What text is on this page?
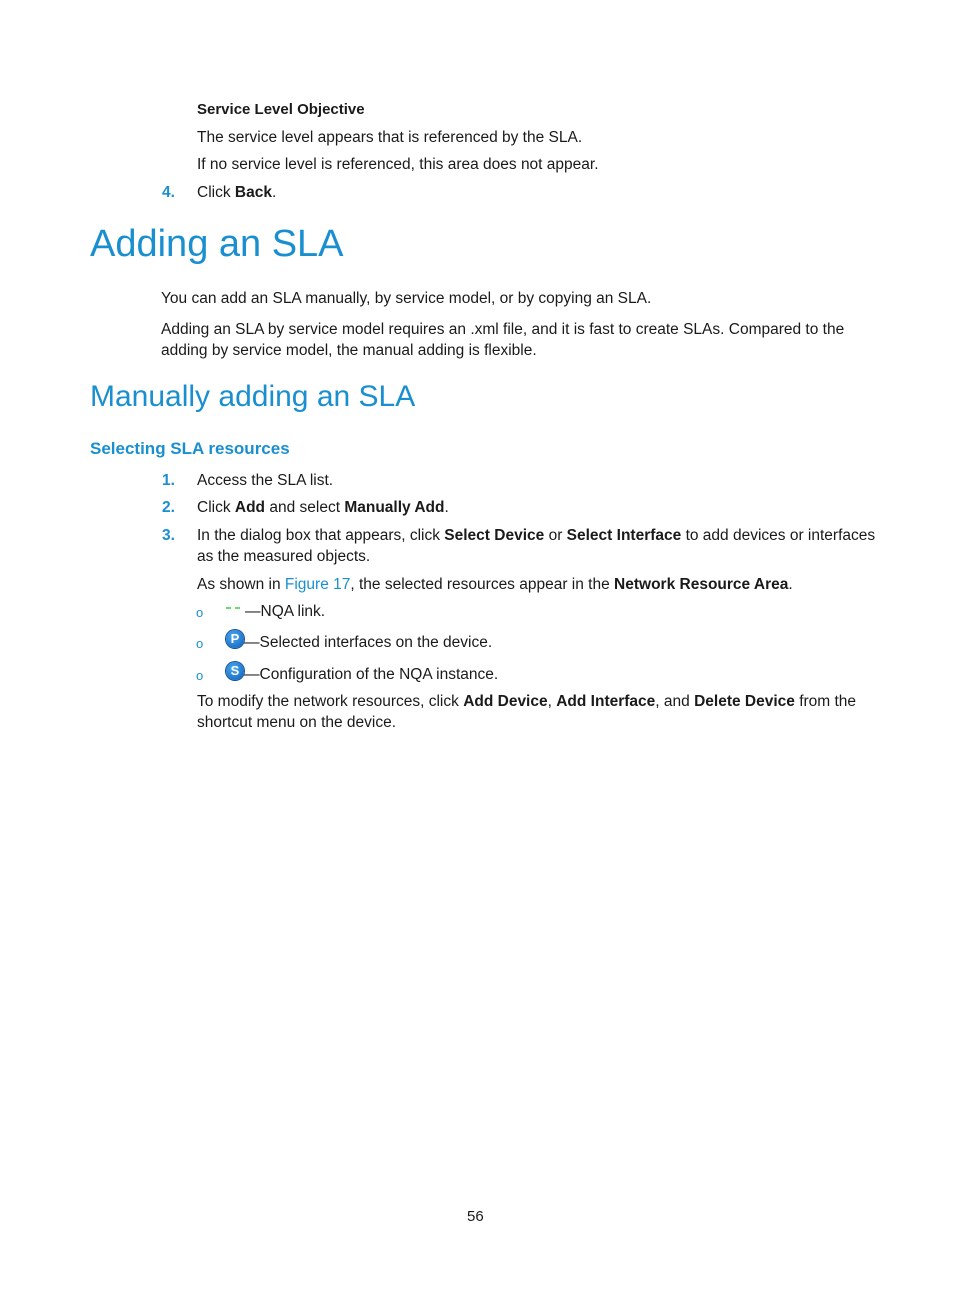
Service Level Objective
The service level appears that is referenced by the SLA.
If no service level is referenced, this area does not appear.
4. Click Back.
Adding an SLA
You can add an SLA manually, by service model, or by copying an SLA.
Adding an SLA by service model requires an .xml file, and it is fast to create SLAs. Compared to the
adding by service model, the manual adding is flexible.
Manually adding an SLA
Selecting SLA resources
1. Access the SLA list.
2. Click Add and select Manually Add.
3. In the dialog box that appears, click Select Device or Select Interface to add devices or interfaces
as the measured objects.
As shown in Figure 17, the selected resources appear in the Network Resource Area.
o	—NQA link.
o	P —Selected interfaces on the device.
o	S —Configuration of the NQA instance.
To modify the network resources, click Add Device, Add Interface, and Delete Device from the
shortcut menu on the device.
56
